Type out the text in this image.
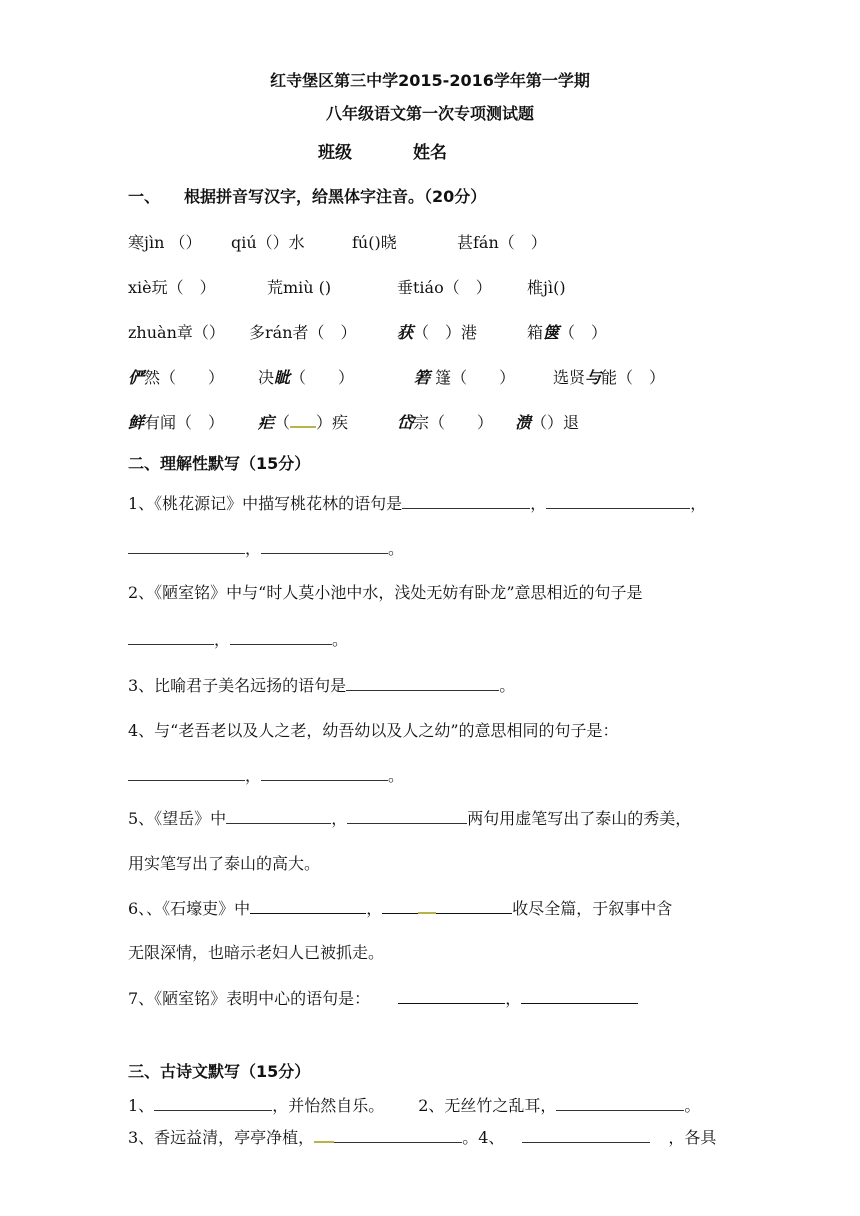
红寺堡区第三中学2015-2016学年第一学期
八年级语文第一次专项测试题
班级	姓名
一、　　根据拼音写汉字，给黑体字注音。（20分）
寒jìn （） qiú（）水	fú()晓	甚fán（　）
xiè玩（　）	荒miù ()	垂tiáo（　） 椎jì()
zhuàn章（） 多rán者（　）	获（　）港	箱箧（　）
俨然（　　） 决眦（　　）	箬 篷（　　） 选贤与能（　）
鲜有闻（　） 疟（ ）疾	岱宗（　　） 溃（）退
二、理解性默写（15分）
1、《桃花源记》中描写桃花林的语句是	，	，
，	。
2、《陋室铭》中与“时人莫小池中水，浅处无妨有卧龙”意思相近的句子是
，	。
3、比喻君子美名远扬的语句是	。
4、与“老吾老以及人之老，幼吾幼以及人之幼”的意思相同的句子是：
，	。
5、《望岳》中	，	两句用虚笔写出了泰山的秀美，
用实笔写出了泰山的高大。
6、、《石壕吏》中	，	收尽全篇，于叙事中含
无限深情，也暗示老妇人已被抓走。
7、《陋室铭》表明中心的语句是：	，
三、古诗文默写（15分）
1、	，并怡然自乐。 2、无丝竹之乱耳，	。
3、香远益清，亭亭净植，	。4、	，各具
